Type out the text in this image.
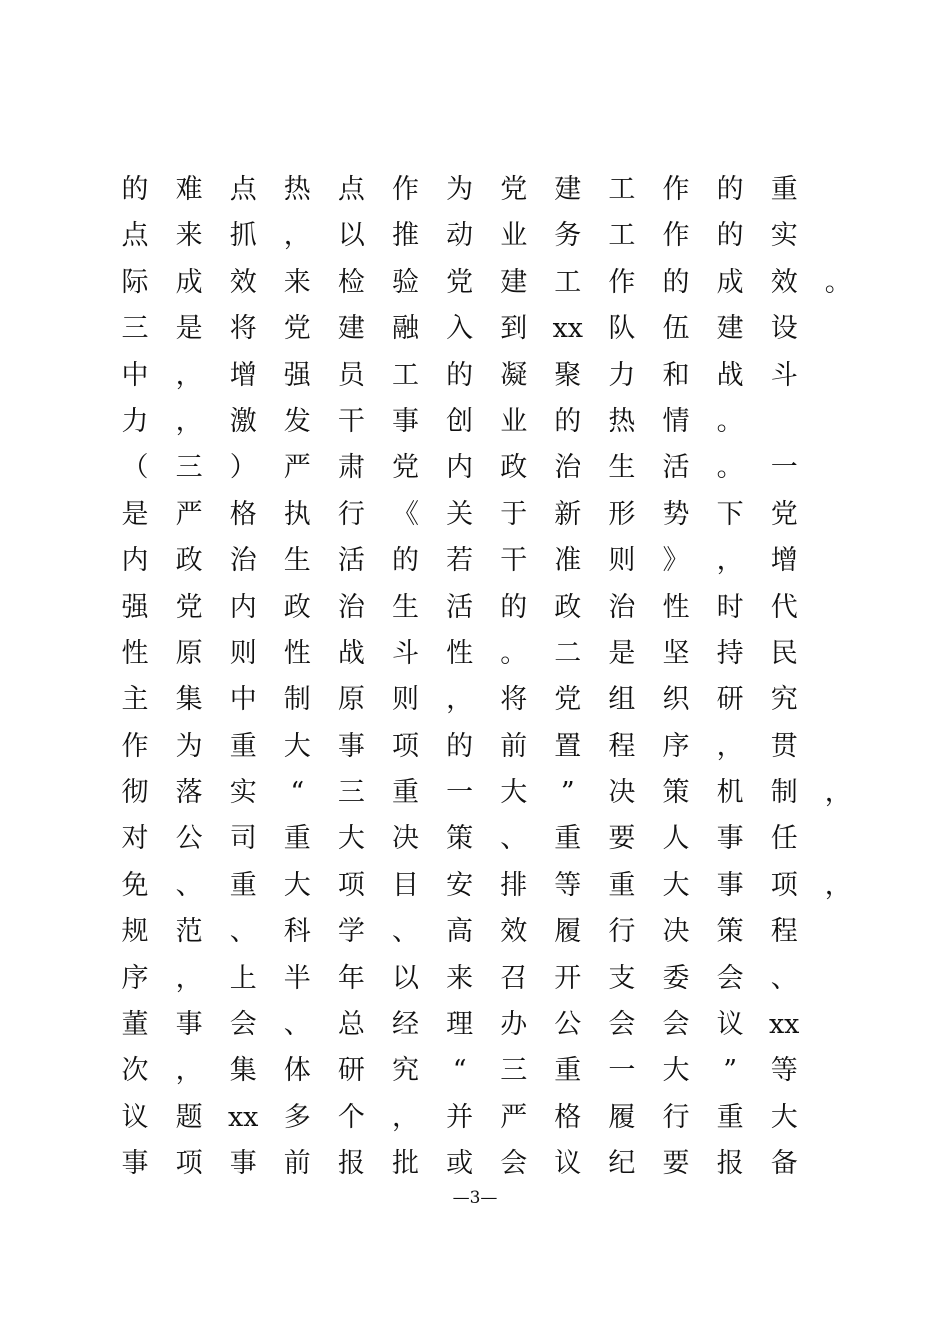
的 难 点 热 点 作 为 党 建 工 作 的 重
点 来 抓 ， 以 推 动 业 务 工 作 的 实
际 成 效 来 检 验 党 建 工 作 的 成 效 。
三 是 将 党 建 融 入 到 xx 队 伍 建 设
中 ， 增 强 员 工 的 凝 聚 力 和 战 斗
力 ， 激 发 干 事 创 业 的 热 情 。
（ 三 ） 严 肃 党 内 政 治 生 活 。 一
是 严 格 执 行 《 关 于 新 形 势 下 党
内 政 治 生 活 的 若 干 准 则 》 ， 增
强 党 内 政 治 生 活 的 政 治 性 时 代
性 原 则 性 战 斗 性 。 二 是 坚 持 民
主 集 中 制 原 则 ， 将 党 组 织 研 究
作 为 重 大 事 项 的 前 置 程 序 ， 贯
彻 落 实	“	三 重 一 大	”	决 策 机 制 ，
对 公 司 重 大 决 策 、 重 要 人 事 任
免 、 重 大 项 目 安 排 等 重 大 事 项 ，
规 范 、 科 学 、 高 效 履 行 决 策 程
序 ， 上 半 年 以 来 召 开 支 委 会 、
董 事 会 、 总 经 理 办 公 会 会 议 xx
次 ， 集 体 研 究	“	三 重 一 大	”	等
议 题 xx 多 个 ， 并 严 格 履 行 重 大
事 项 事 前 报 批 或 会 议 纪 要 报 备
—3—
